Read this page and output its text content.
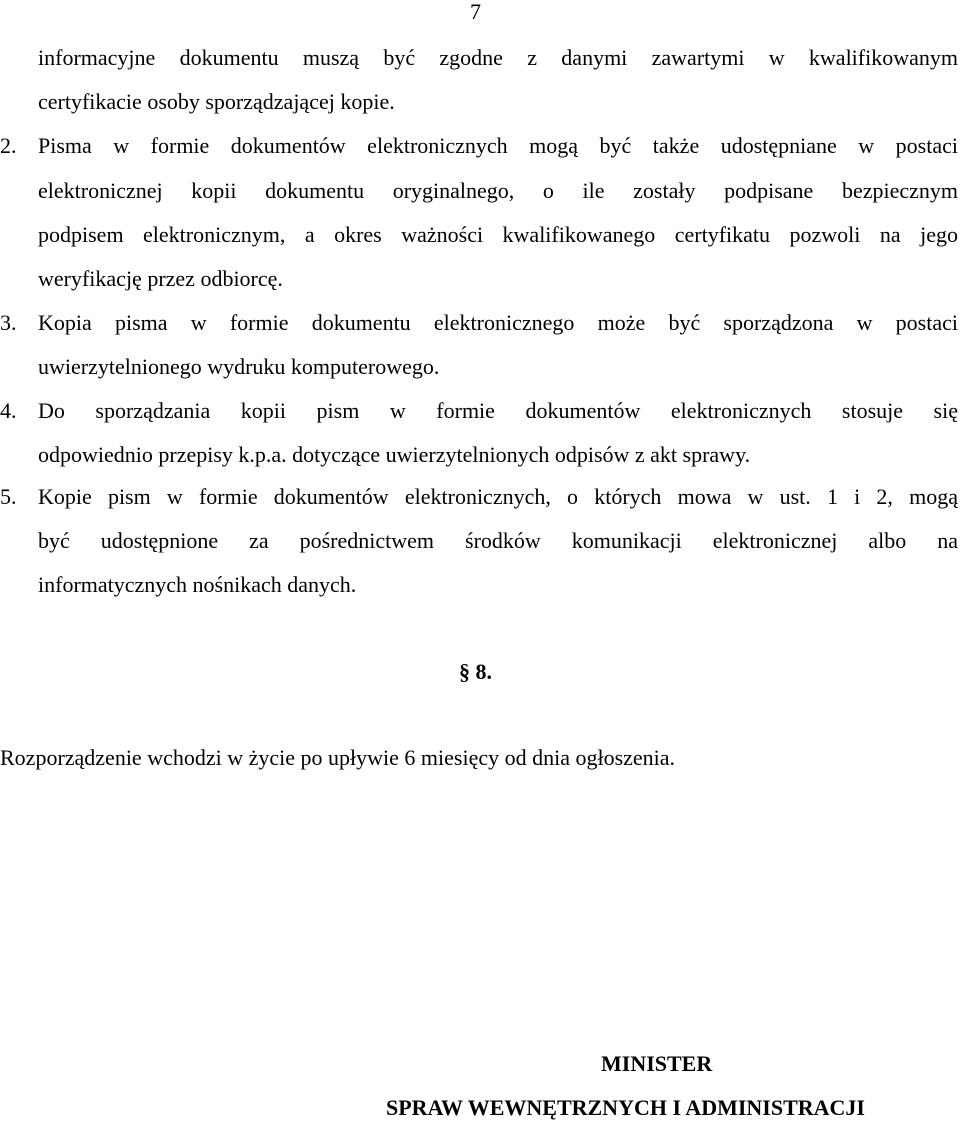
7
informacyjne dokumentu muszą być zgodne z danymi zawartymi w kwalifikowanym
certyfikacie osoby sporządzającej kopie.
2. Pisma w formie dokumentów elektronicznych mogą być także udostępniane w postaci
elektronicznej kopii dokumentu oryginalnego, o ile zostały podpisane bezpiecznym
podpisem elektronicznym, a okres ważności kwalifikowanego certyfikatu pozwoli na jego
weryfikację przez odbiorcę.
3. Kopia pisma w formie dokumentu elektronicznego może być sporządzona w postaci
uwierzytelnionego wydruku komputerowego.
4. Do sporządzania kopii pism w formie dokumentów elektronicznych stosuje się
odpowiednio przepisy k.p.a. dotyczące uwierzytelnionych odpisów z akt sprawy.
5. Kopie pism w formie dokumentów elektronicznych, o których mowa w ust. 1 i 2, mogą
być udostępnione za pośrednictwem środków komunikacji elektronicznej albo na
informatycznych nośnikach danych.
§ 8.
Rozporządzenie wchodzi w życie po upływie 6 miesięcy od dnia ogłoszenia.
MINISTER
SPRAW WEWNĘTRZNYCH I ADMINISTRACJI
